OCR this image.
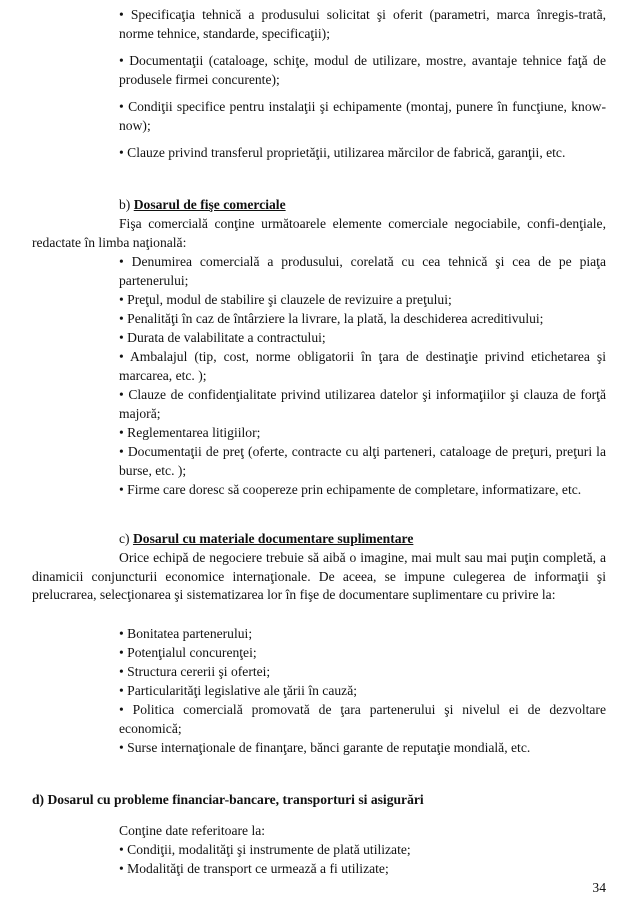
• Specificaţia tehnică a produsului solicitat şi oferit (parametri, marca înregis-tratã, norme tehnice, standarde, specificaţii);
• Documentaţii (cataloage, schiţe, modul de utilizare, mostre, avantaje tehnice faţă de produsele firmei concurente);
• Condiţii specifice pentru instalaţii şi echipamente (montaj, punere în funcţiune, know-now);
• Clauze privind transferul proprietăţii, utilizarea mărcilor de fabrică, garanţii, etc.
b) Dosarul de fişe comerciale
Fişa comercială conţine următoarele elemente comerciale negociabile, confi-denţiale, redactate în limba naţională:
• Denumirea comercială a produsului, corelată cu cea tehnică şi cea de pe piaţa partenerului;
• Preţul, modul de stabilire şi clauzele de revizuire a preţului;
• Penalităţi în caz de întârziere la livrare, la plată, la deschiderea acreditivului;
• Durata de valabilitate a contractului;
• Ambalajul (tip, cost, norme obligatorii în ţara de destinaţie privind etichetarea şi marcarea, etc. );
• Clauze de confidenţialitate privind utilizarea datelor şi informaţiilor şi clauza de forţă majoră;
• Reglementarea litigiilor;
• Documentaţii de preţ (oferte, contracte cu alţi parteneri, cataloage de preţuri, preţuri la burse, etc. );
• Firme care doresc să coopereze prin echipamente de completare, informatizare, etc.
c) Dosarul cu materiale documentare suplimentare
Orice echipă de negociere trebuie să aibă o imagine, mai mult sau mai puţin completă, a dinamicii conjuncturii economice internaţionale. De aceea, se impune culegerea de informaţii şi prelucrarea, selecţionarea şi sistematizarea lor în fişe de documentare suplimentare cu privire la:
• Bonitatea partenerului;
• Potenţialul concurenţei;
• Structura cererii şi ofertei;
• Particularităţi legislative ale ţării în cauză;
• Politica comercială promovată de ţara partenerului şi nivelul ei de dezvoltare economică;
• Surse internaţionale de finanţare, bănci garante de reputaţie mondială, etc.
d) Dosarul cu probleme financiar-bancare, transporturi si asigurări
Conţine date referitoare la:
• Condiţii, modalităţi şi instrumente de plată utilizate;
• Modalităţi de transport ce urmează a fi utilizate;
34
